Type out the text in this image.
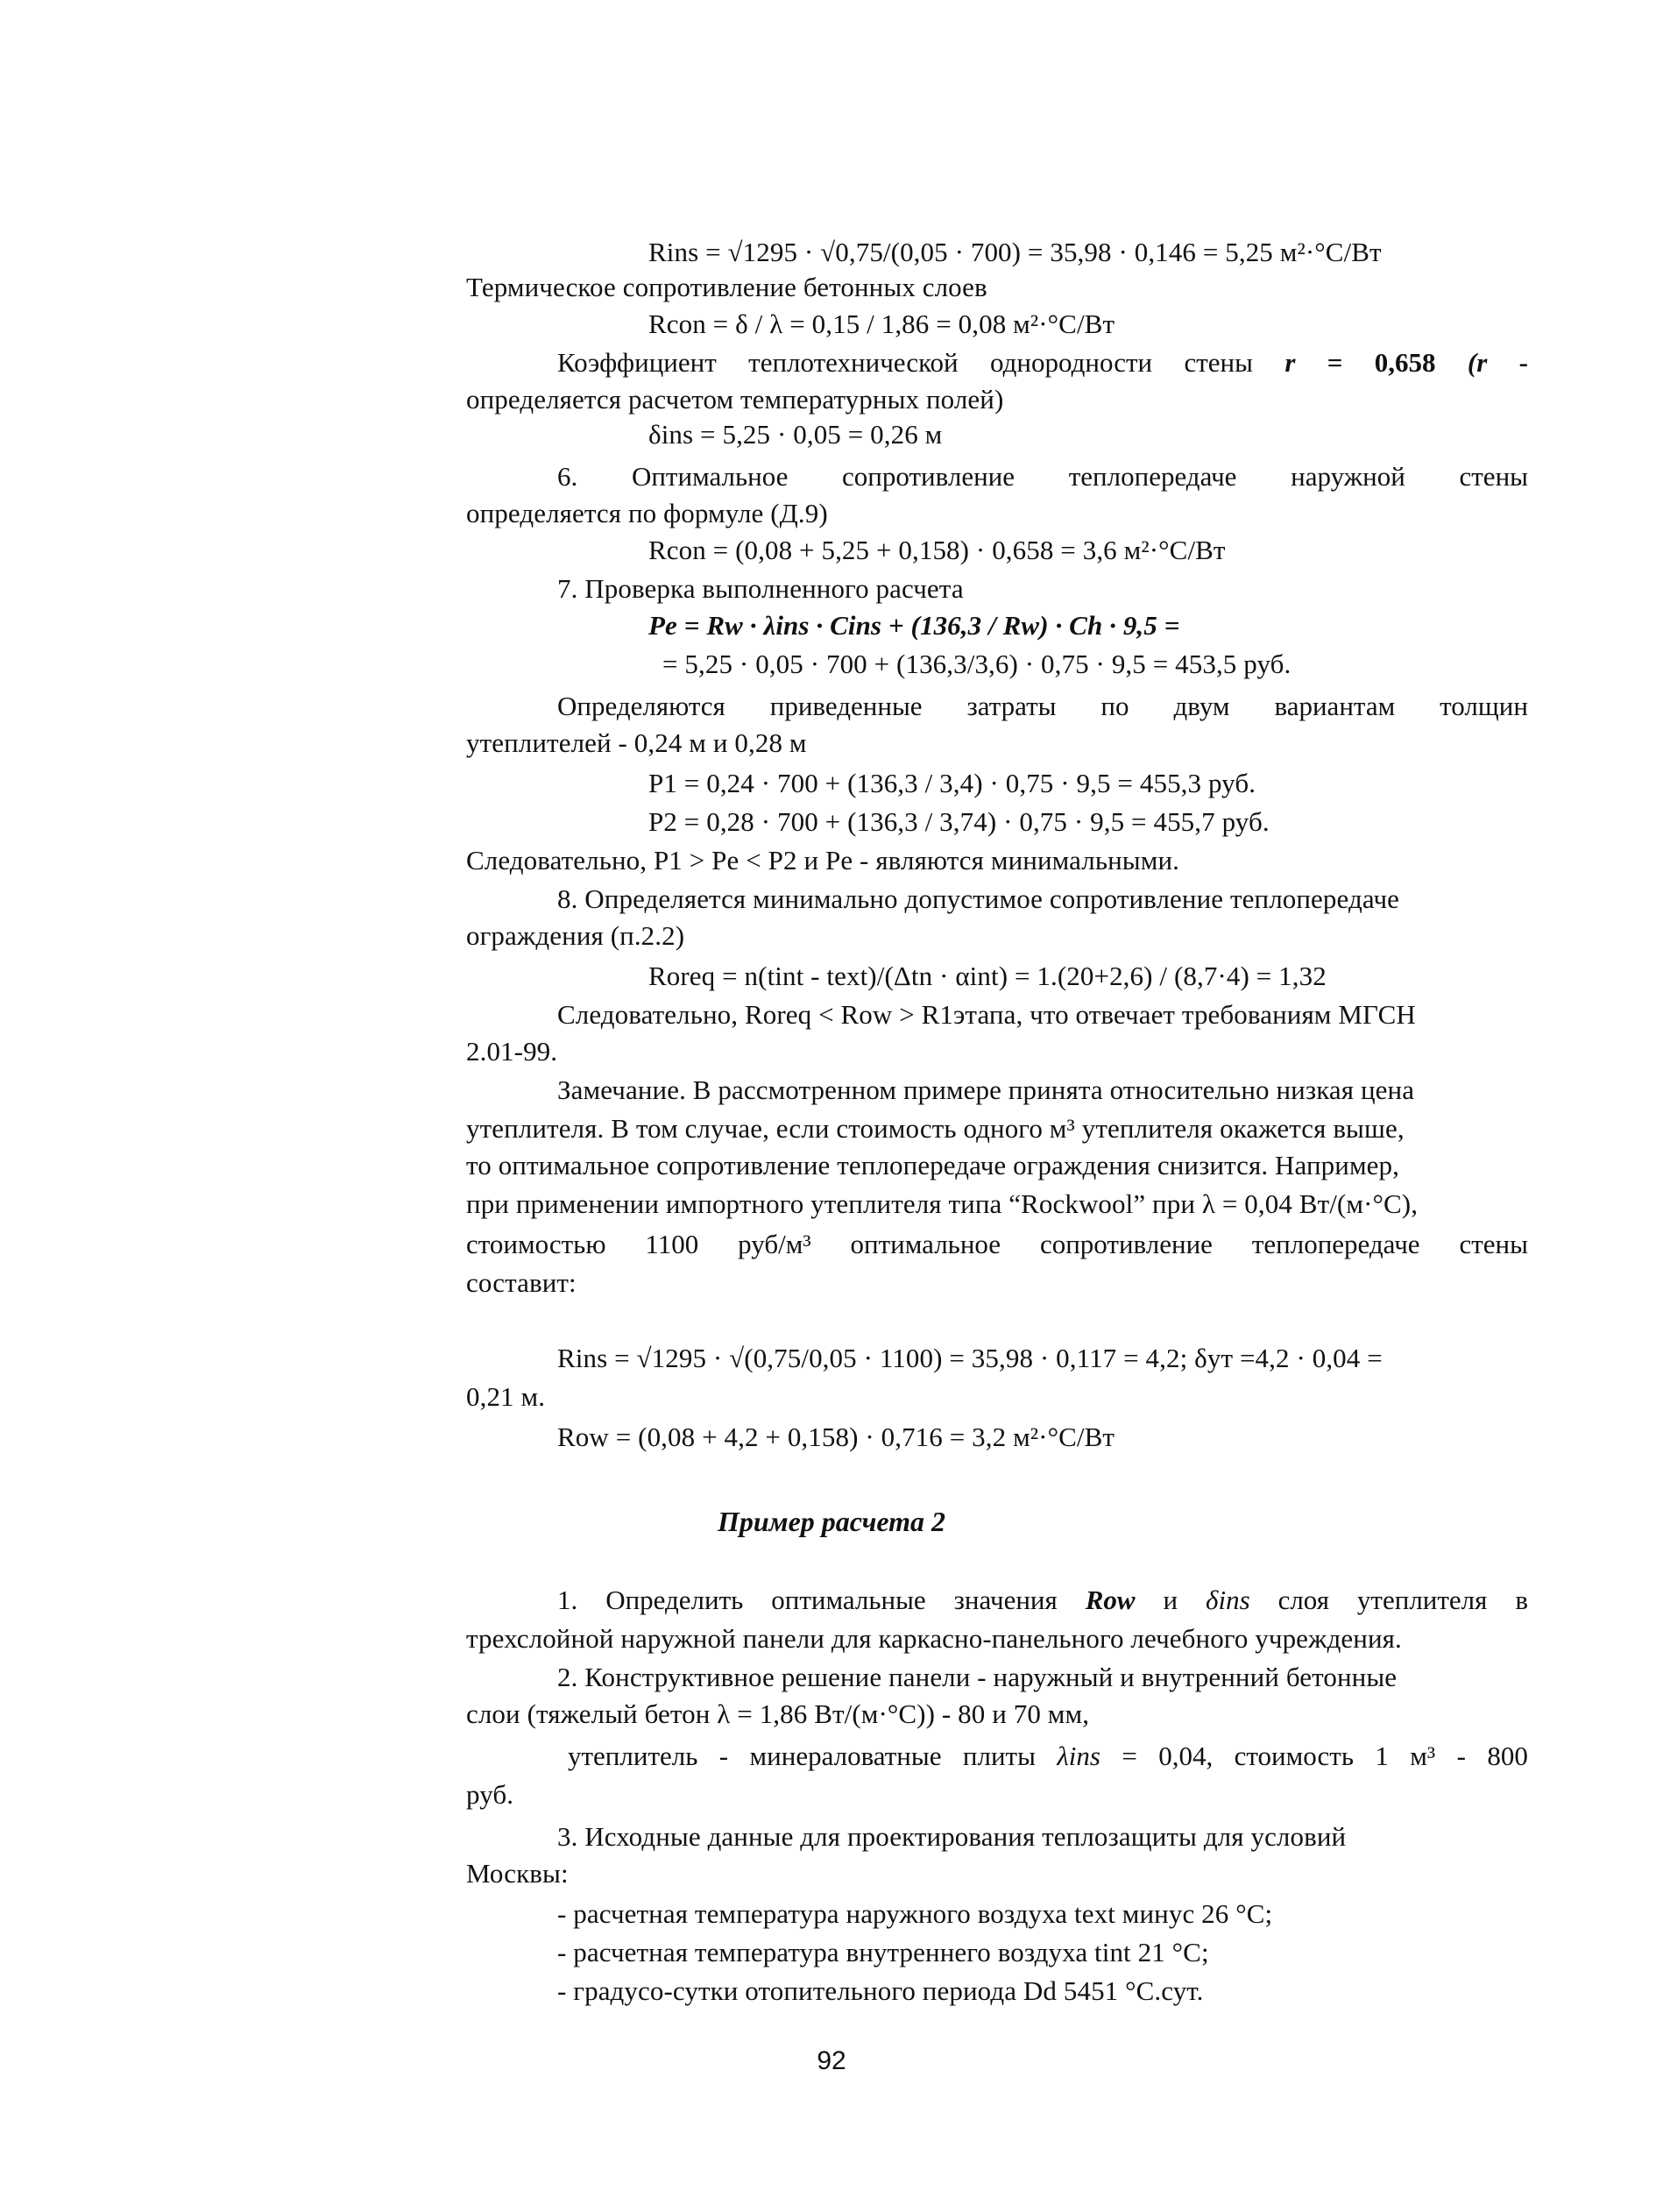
Rins = √1295 · √0,75/(0,05 · 700) = 35,98 · 0,146 = 5,25 м²·°С/Вт
Термическое сопротивление бетонных слоев
Rcon = δ / λ = 0,15 / 1,86 = 0,08 м²·°С/Вт
Коэффициент теплотехнической однородности стены r = 0,658 (r -
определяется расчетом температурных полей)
δins = 5,25 · 0,05 = 0,26 м
6. Оптимальное сопротивление теплопередаче наружной стены
определяется по формуле (Д.9)
Rcon = (0,08 + 5,25 + 0,158) · 0,658 = 3,6 м²·°С/Вт
7. Проверка выполненного расчета
Pе = Rw · λins · Cins + (136,3 / Rw) · Ch · 9,5 =
= 5,25 · 0,05 · 700 + (136,3/3,6) · 0,75 · 9,5 = 453,5 руб.
Определяются приведенные затраты по двум вариантам толщин
утеплителей - 0,24 м и 0,28 м
P1 = 0,24 · 700 + (136,3 / 3,4) · 0,75 · 9,5 = 455,3 руб.
P2 = 0,28 · 700 + (136,3 / 3,74) · 0,75 · 9,5 = 455,7 руб.
Следовательно, P1 > Pе < P2 и Pе - являются минимальными.
8. Определяется минимально допустимое сопротивление теплопередаче
ограждения (п.2.2)
Roreq = n(tint - text)/(Δtn · αint) = 1.(20+2,6) / (8,7·4) = 1,32
Следовательно, Roreq < Row > R1этапа, что отвечает требованиям МГСН
2.01-99.
Замечание. В рассмотренном примере принята относительно низкая цена
утеплителя. В том случае, если стоимость одного м³ утеплителя окажется выше,
то оптимальное сопротивление теплопередаче ограждения снизится. Например,
при применении импортного утеплителя типа “Rockwool” при λ = 0,04 Вт/(м·°С),
стоимостью 1100 руб/м³ оптимальное сопротивление теплопередаче стены
составит:
Rins = √1295 · √(0,75/0,05 · 1100) = 35,98 · 0,117 = 4,2; δут =4,2 · 0,04 =
0,21 м.
Row = (0,08 + 4,2 + 0,158) · 0,716 = 3,2 м²·°С/Вт
Пример расчета 2
1. Определить оптимальные значения Row и δins слоя утеплителя в
трехслойной наружной панели для каркасно-панельного лечебного учреждения.
2. Конструктивное решение панели - наружный и внутренний бетонные
слои (тяжелый бетон λ = 1,86 Вт/(м·°С)) - 80 и 70 мм,
утеплитель - минераловатные плиты λins = 0,04, стоимость 1 м³ - 800
руб.
3. Исходные данные для проектирования теплозащиты для условий
Москвы:
- расчетная температура наружного воздуха text минус 26 °С;
- расчетная температура внутреннего воздуха tint 21 °С;
- градусо-сутки отопительного периода Dd 5451 °С.сут.
92
